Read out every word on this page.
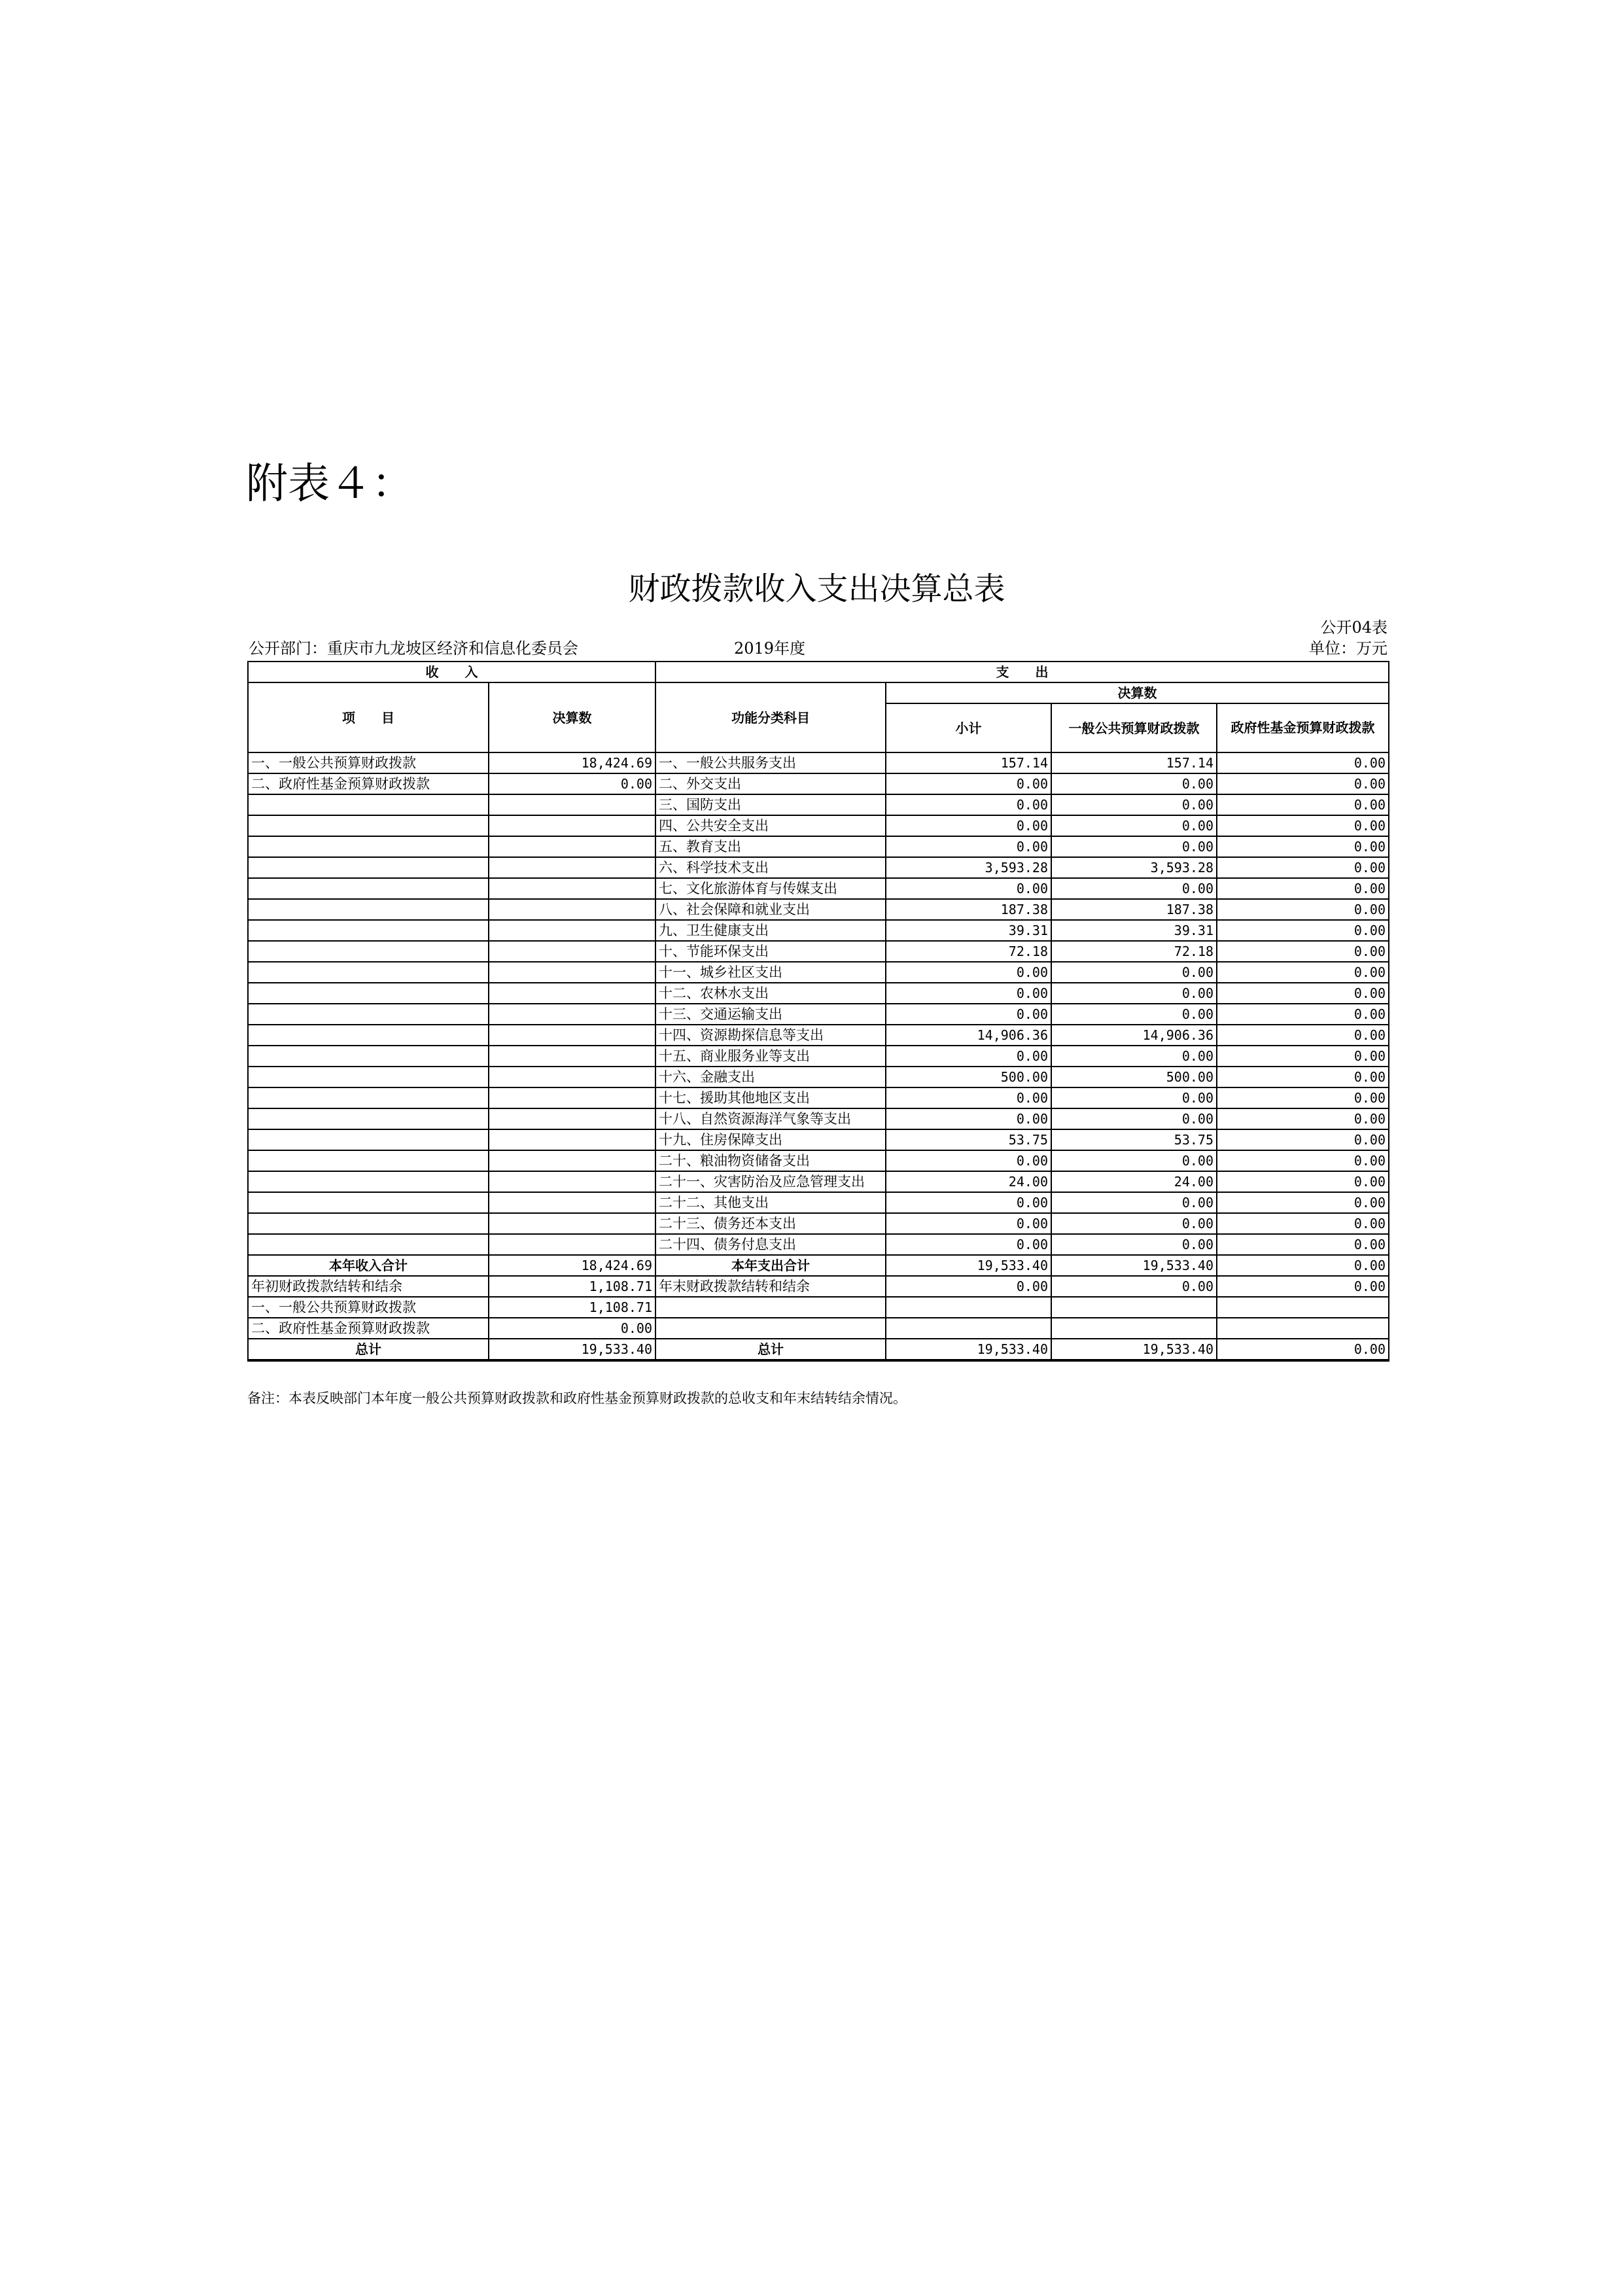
附表４：
财政拨款收入支出决算总表
公开04表
公开部门：重庆市九龙坡区经济和信息化委员会	2019年度	单位：万元
收　　入		支　　出			
项　　目	决算数	功能分类科目	决算数		
			小计	一般公共预算财政拨款	政府性基金预算财政拨款

一、一般公共预算财政拨款	18,424.69	一、一般公共服务支出	157.14	157.14	0.00
二、政府性基金预算财政拨款	0.00	二、外交支出	0.00	0.00	0.00
		三、国防支出	0.00	0.00	0.00
		四、公共安全支出	0.00	0.00	0.00
		五、教育支出	0.00	0.00	0.00
		六、科学技术支出	3,593.28	3,593.28	0.00
		七、文化旅游体育与传媒支出	0.00	0.00	0.00
		八、社会保障和就业支出	187.38	187.38	0.00
		九、卫生健康支出	39.31	39.31	0.00
		十、节能环保支出	72.18	72.18	0.00
		十一、城乡社区支出	0.00	0.00	0.00
		十二、农林水支出	0.00	0.00	0.00
		十三、交通运输支出	0.00	0.00	0.00
		十四、资源勘探信息等支出	14,906.36	14,906.36	0.00
		十五、商业服务业等支出	0.00	0.00	0.00
		十六、金融支出	500.00	500.00	0.00
		十七、援助其他地区支出	0.00	0.00	0.00
		十八、自然资源海洋气象等支出	0.00	0.00	0.00
		十九、住房保障支出	53.75	53.75	0.00
		二十、粮油物资储备支出	0.00	0.00	0.00
		二十一、灾害防治及应急管理支出	24.00	24.00	0.00
		二十二、其他支出	0.00	0.00	0.00
		二十三、债务还本支出	0.00	0.00	0.00
		二十四、债务付息支出	0.00	0.00	0.00
本年收入合计	18,424.69	本年支出合计	19,533.40	19,533.40	0.00
年初财政拨款结转和结余	1,108.71	年末财政拨款结转和结余	0.00	0.00	0.00
一、一般公共预算财政拨款	1,108.71				
二、政府性基金预算财政拨款	0.00				
总计	19,533.40	总计	19,533.40	19,533.40	0.00
备注：本表反映部门本年度一般公共预算财政拨款和政府性基金预算财政拨款的总收支和年末结转结余情况。
